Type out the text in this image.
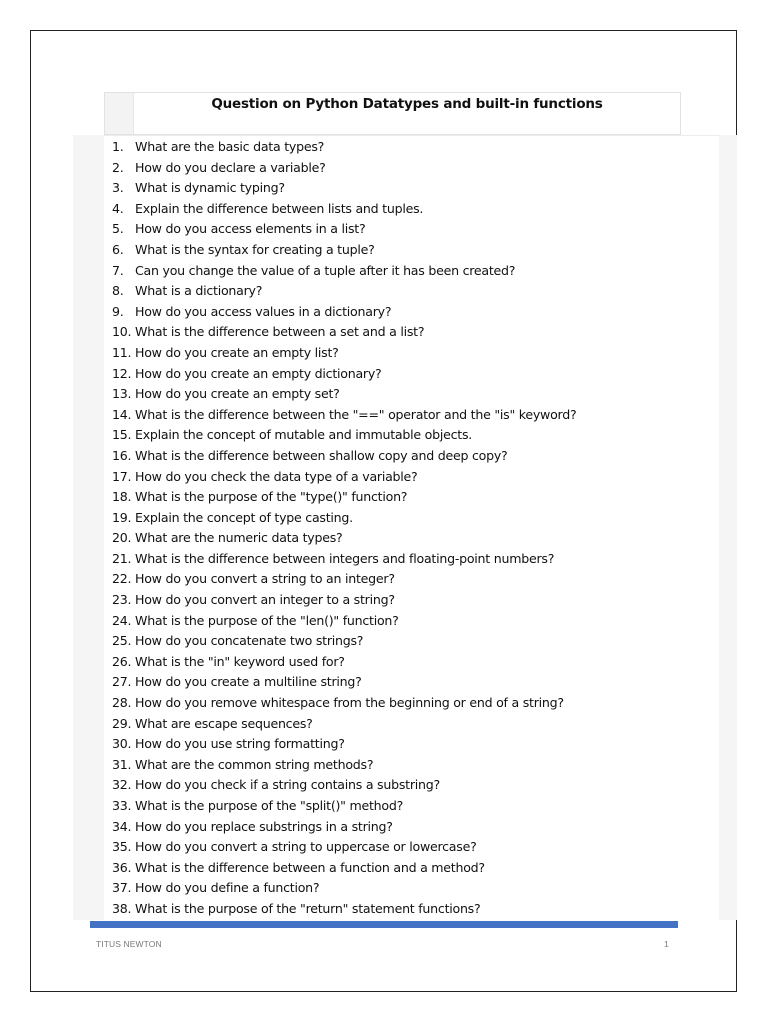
Question on Python Datatypes and built-in functions
1. What are the basic data types?
2. How do you declare a variable?
3. What is dynamic typing?
4. Explain the difference between lists and tuples.
5. How do you access elements in a list?
6. What is the syntax for creating a tuple?
7. Can you change the value of a tuple after it has been created?
8. What is a dictionary?
9. How do you access values in a dictionary?
10. What is the difference between a set and a list?
11. How do you create an empty list?
12. How do you create an empty dictionary?
13. How do you create an empty set?
14. What is the difference between the "==" operator and the "is" keyword?
15. Explain the concept of mutable and immutable objects.
16. What is the difference between shallow copy and deep copy?
17. How do you check the data type of a variable?
18. What is the purpose of the "type()" function?
19. Explain the concept of type casting.
20. What are the numeric data types?
21. What is the difference between integers and floating-point numbers?
22. How do you convert a string to an integer?
23. How do you convert an integer to a string?
24. What is the purpose of the "len()" function?
25. How do you concatenate two strings?
26. What is the "in" keyword used for?
27. How do you create a multiline string?
28. How do you remove whitespace from the beginning or end of a string?
29. What are escape sequences?
30. How do you use string formatting?
31. What are the common string methods?
32. How do you check if a string contains a substring?
33. What is the purpose of the "split()" method?
34. How do you replace substrings in a string?
35. How do you convert a string to uppercase or lowercase?
36. What is the difference between a function and a method?
37. How do you define a function?
38. What is the purpose of the "return" statement functions?
TITUS NEWTON	1
